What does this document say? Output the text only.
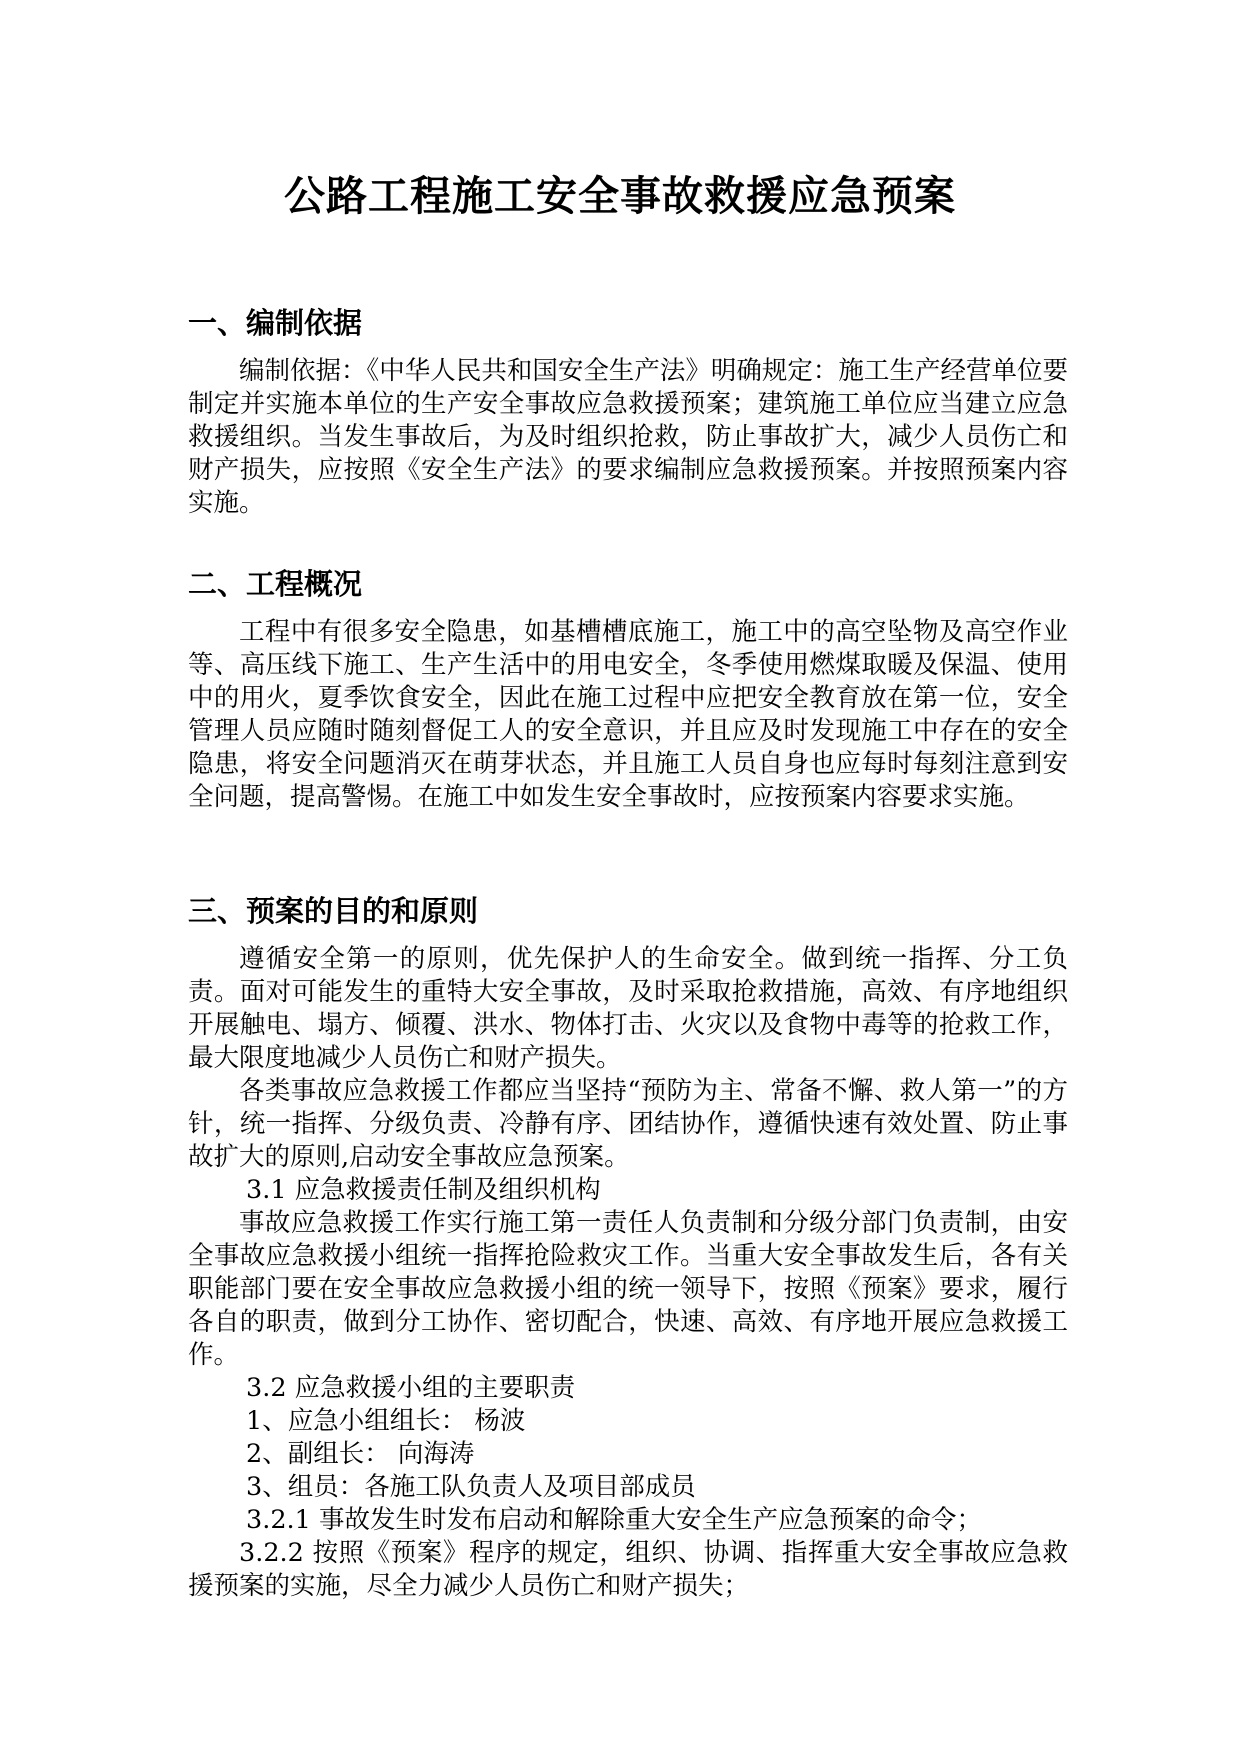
公路工程施工安全事故救援应急预案
一、编制依据

编制依据：《中华人民共和国安全生产法》明确规定：施工生产经营单位要制定并实施本单位的生产安全事故应急救援预案；建筑施工单位应当建立应急救援组织。当发生事故后，为及时组织抢救，防止事故扩大，减少人员伤亡和财产损失，应按照《安全生产法》的要求编制应急救援预案。并按照预案内容实施。

二、工程概况

工程中有很多安全隐患，如基槽槽底施工，施工中的高空坠物及高空作业等、高压线下施工、生产生活中的用电安全，冬季使用燃煤取暖及保温、使用中的用火，夏季饮食安全，因此在施工过程中应把安全教育放在第一位，安全管理人员应随时随刻督促工人的安全意识，并且应及时发现施工中存在的安全隐患，将安全问题消灭在萌芽状态，并且施工人员自身也应每时每刻注意到安全问题，提高警惕。在施工中如发生安全事故时，应按预案内容要求实施。

三、预案的目的和原则

遵循安全第一的原则，优先保护人的生命安全。做到统一指挥、分工负责。面对可能发生的重特大安全事故，及时采取抢救措施，高效、有序地组织开展触电、塌方、倾覆、洪水、物体打击、火灾以及食物中毒等的抢救工作，最大限度地减少人员伤亡和财产损失。

各类事故应急救援工作都应当坚持“预防为主、常备不懈、救人第一”的方针，统一指挥、分级负责、冷静有序、团结协作，遵循快速有效处置、防止事故扩大的原则,启动安全事故应急预案。

3.1 应急救援责任制及组织机构

事故应急救援工作实行施工第一责任人负责制和分级分部门负责制，由安全事故应急救援小组统一指挥抢险救灾工作。当重大安全事故发生后，各有关职能部门要在安全事故应急救援小组的统一领导下，按照《预案》要求，履行各自的职责，做到分工协作、密切配合，快速、高效、有序地开展应急救援工作。

3.2 应急救援小组的主要职责

1、应急小组组长： 杨波

2、副组长： 向海涛

3、组员：各施工队负责人及项目部成员

3.2.1 事故发生时发布启动和解除重大安全生产应急预案的命令；

3.2.2 按照《预案》程序的规定，组织、协调、指挥重大安全事故应急救援预案的实施，尽全力减少人员伤亡和财产损失；
